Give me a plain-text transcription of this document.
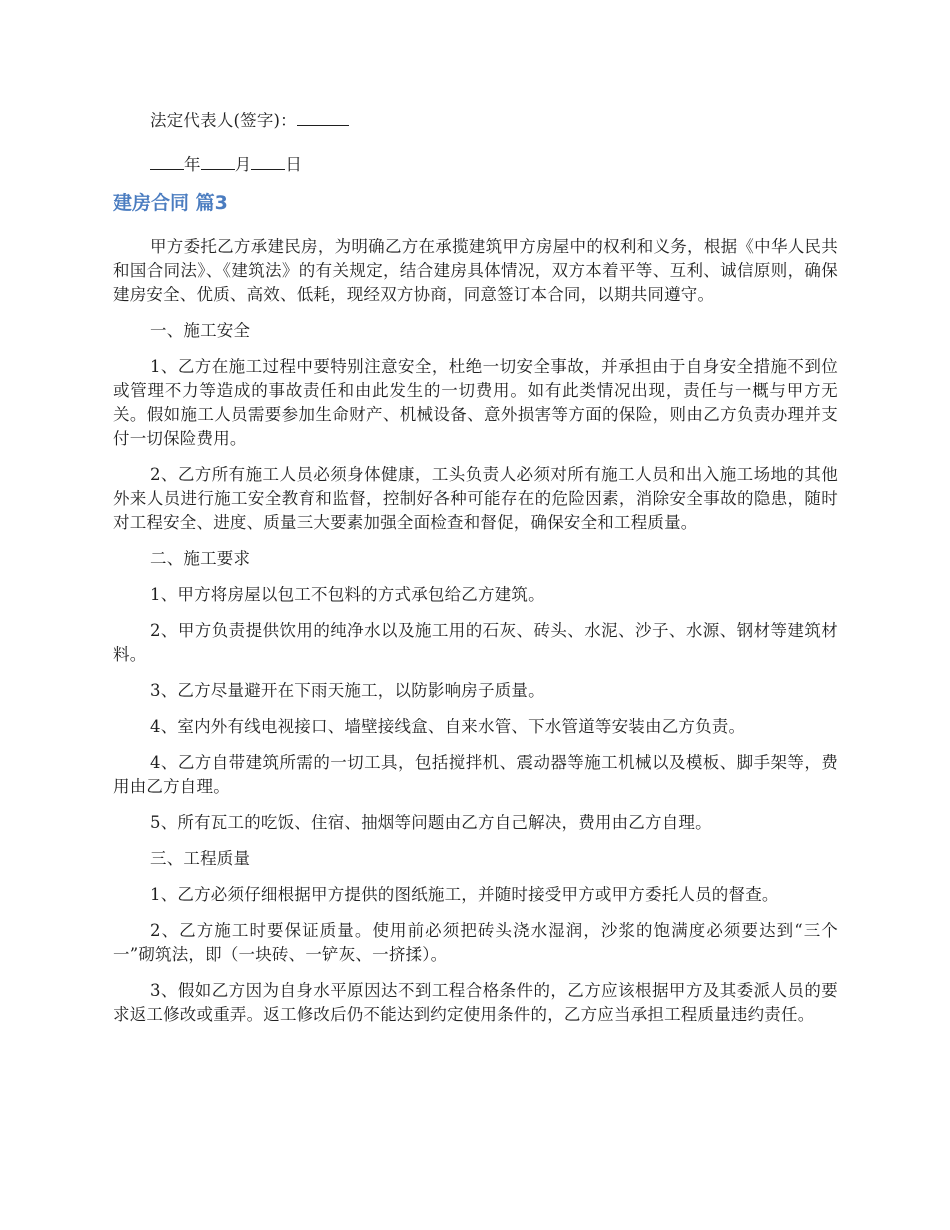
法定代表人(签字)：

年 月 日

建房合同 篇3

甲方委托乙方承建民房，为明确乙方在承揽建筑甲方房屋中的权利和义务，根据《中华人民共和国合同法》、《建筑法》的有关规定，结合建房具体情况，双方本着平等、互利、诚信原则，确保建房安全、优质、高效、低耗，现经双方协商，同意签订本合同，以期共同遵守。

一、施工安全

1、乙方在施工过程中要特别注意安全，杜绝一切安全事故，并承担由于自身安全措施不到位或管理不力等造成的事故责任和由此发生的一切费用。如有此类情况出现，责任与一概与甲方无关。假如施工人员需要参加生命财产、机械设备、意外损害等方面的保险，则由乙方负责办理并支付一切保险费用。

2、乙方所有施工人员必须身体健康，工头负责人必须对所有施工人员和出入施工场地的其他外来人员进行施工安全教育和监督，控制好各种可能存在的危险因素，消除安全事故的隐患，随时对工程安全、进度、质量三大要素加强全面检查和督促，确保安全和工程质量。

二、施工要求

1、甲方将房屋以包工不包料的方式承包给乙方建筑。

2、甲方负责提供饮用的纯净水以及施工用的石灰、砖头、水泥、沙子、水源、钢材等建筑材料。

3、乙方尽量避开在下雨天施工，以防影响房子质量。

4、室内外有线电视接口、墙壁接线盒、自来水管、下水管道等安装由乙方负责。

4、乙方自带建筑所需的一切工具，包括搅拌机、震动器等施工机械以及模板、脚手架等，费用由乙方自理。

5、所有瓦工的吃饭、住宿、抽烟等问题由乙方自己解决，费用由乙方自理。

三、工程质量

1、乙方必须仔细根据甲方提供的图纸施工，并随时接受甲方或甲方委托人员的督查。

2、乙方施工时要保证质量。使用前必须把砖头浇水湿润，沙浆的饱满度必须要达到“三个一”砌筑法，即（一块砖、一铲灰、一挤揉）。

3、假如乙方因为自身水平原因达不到工程合格条件的，乙方应该根据甲方及其委派人员的要求返工修改或重弄。返工修改后仍不能达到约定使用条件的，乙方应当承担工程质量违约责任。
